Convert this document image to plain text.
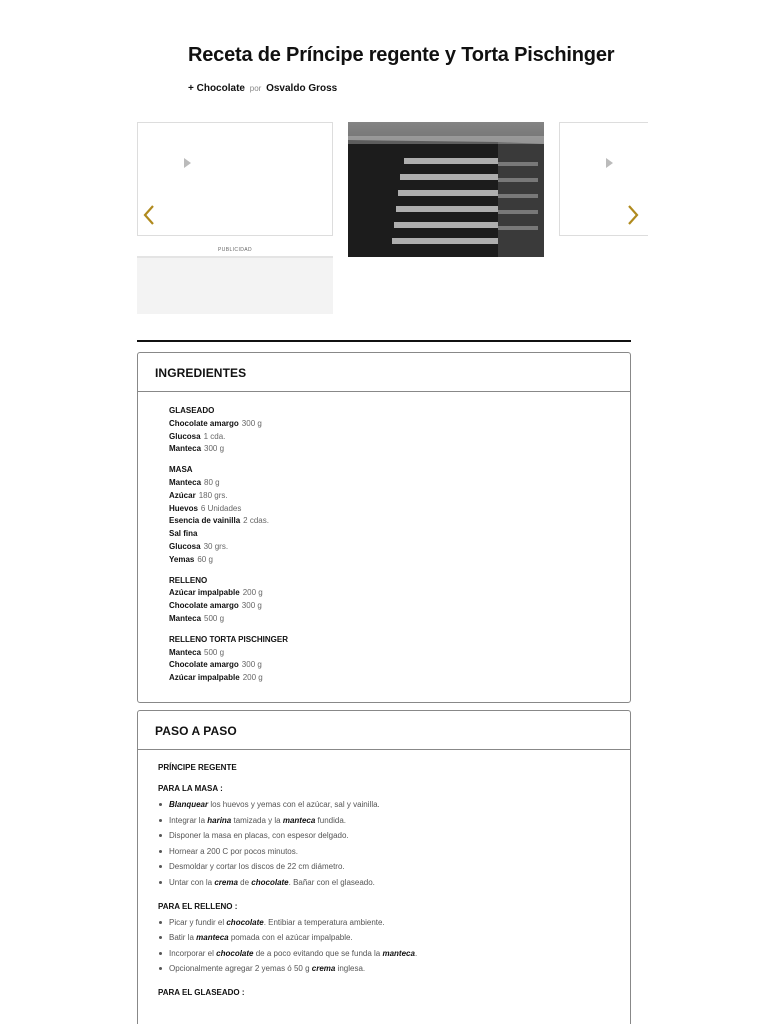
Receta de Príncipe regente y Torta Pischinger
+ Chocolate por Osvaldo Gross
PUBLICIDAD
INGREDIENTES
GLASEADO
Chocolate amargo 300 g
Glucosa 1 cda.
Manteca 300 g
MASA
Manteca 80 g
Azúcar 180 grs.
Huevos 6 Unidades
Esencia de vainilla 2 cdas.
Sal fina
Glucosa 30 grs.
Yemas 60 g
RELLENO
Azúcar impalpable 200 g
Chocolate amargo 300 g
Manteca 500 g
RELLENO TORTA PISCHINGER
Manteca 500 g
Chocolate amargo 300 g
Azúcar impalpable 200 g
PASO A PASO
PRÍNCIPE REGENTE
PARA LA MASA :
Blanquear los huevos y yemas con el azúcar, sal y vainilla.
Integrar la harina tamizada y la manteca fundida.
Disponer la masa en placas, con espesor delgado.
Hornear a 200 C por pocos minutos.
Desmoldar y cortar los discos de 22 cm diámetro.
Untar con la crema de chocolate. Bañar con el glaseado.
PARA EL RELLENO :
Picar y fundir el chocolate. Entibiar a temperatura ambiente.
Batir la manteca pomada con el azúcar impalpable.
Incorporar el chocolate de a poco evitando que se funda la manteca.
Opcionalmente agregar 2 yemas ó 50 g crema inglesa.
PARA EL GLASEADO :
